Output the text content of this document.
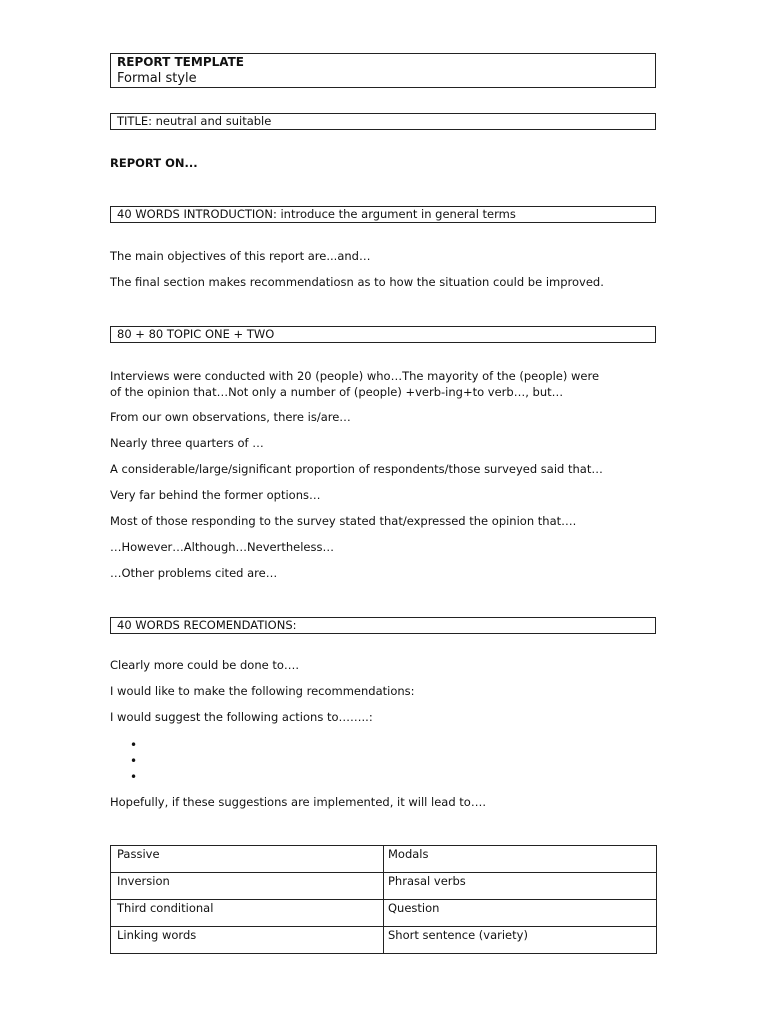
REPORT TEMPLATE
Formal style
TITLE: neutral and suitable
REPORT ON...
40 WORDS INTRODUCTION: introduce the argument in general terms
The main objectives of this report are...and…
The final section makes recommendatiosn as to how the situation could be improved.
80 + 80 TOPIC ONE + TWO
Interviews were conducted with 20 (people) who…The mayority of the (people) were
of the opinion that…Not only a number of (people) +verb-ing+to verb…, but…
From our own observations, there is/are…
Nearly three quarters of …
A considerable/large/significant proportion of respondents/those surveyed said that…
Very far behind the former options…
Most of those responding to the survey stated that/expressed the opinion that….
…However…Although…Nevertheless…
…Other problems cited are…
40 WORDS RECOMENDATIONS:
Clearly more could be done to….
I would like to make the following recommendations:
I would suggest the following actions to……..:
•
•
•
Hopefully, if these suggestions are implemented, it will lead to….
Passive	Modals
Inversion	Phrasal verbs
Third conditional	Question
Linking words	Short sentence (variety)
